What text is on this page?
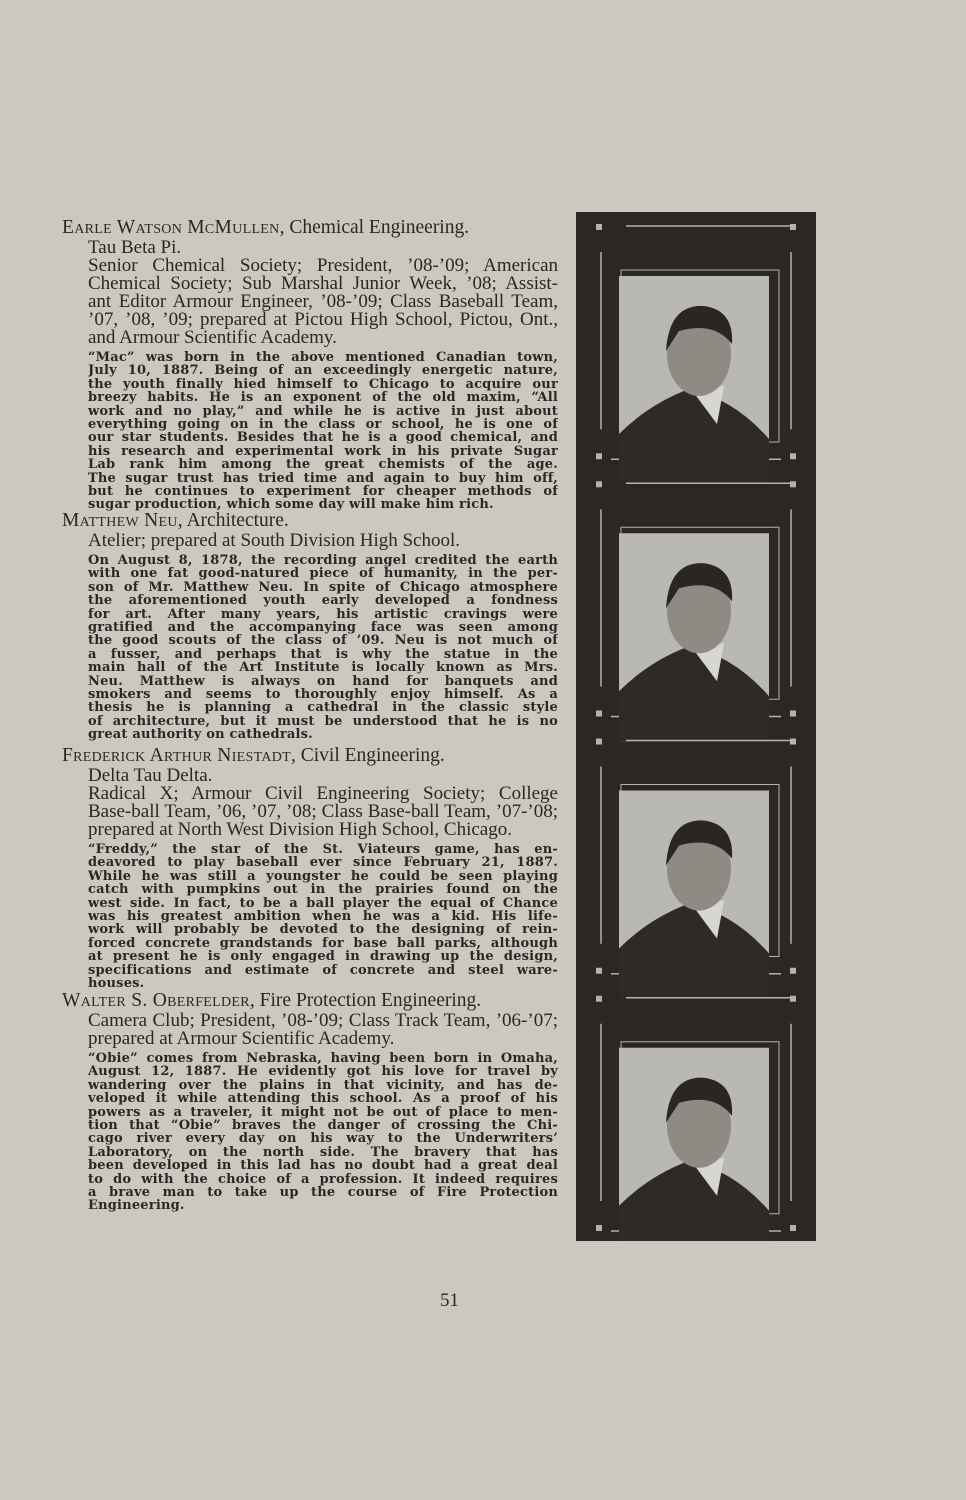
Earle Watson McMullen, Chemical Engineering.
Tau Beta Pi.
Senior Chemical Society; President, ’08-’09; American
Chemical Society; Sub Marshal Junior Week, ’08; Assist-
ant Editor Armour Engineer, ’08-’09; Class Baseball Team,
’07, ’08, ’09; prepared at Pictou High School, Pictou, Ont.,
and Armour Scientific Academy.
“Mac” was born in the above mentioned Canadian town,
July 10, 1887. Being of an exceedingly energetic nature,
the youth finally hied himself to Chicago to acquire our
breezy habits. He is an exponent of the old maxim, “All
work and no play,” and while he is active in just about
everything going on in the class or school, he is one of
our star students. Besides that he is a good chemical, and
his research and experimental work in his private Sugar
Lab rank him among the great chemists of the age.
The sugar trust has tried time and again to buy him off,
but he continues to experiment for cheaper methods of
sugar production, which some day will make him rich.
Matthew Neu, Architecture.
Atelier; prepared at South Division High School.
On August 8, 1878, the recording angel credited the earth
with one fat good-natured piece of humanity, in the per-
son of Mr. Matthew Neu. In spite of Chicago atmosphere
the aforementioned youth early developed a fondness
for art. After many years, his artistic cravings were
gratified and the accompanying face was seen among
the good scouts of the class of ’09. Neu is not much of
a fusser, and perhaps that is why the statue in the
main hall of the Art Institute is locally known as Mrs.
Neu. Matthew is always on hand for banquets and
smokers and seems to thoroughly enjoy himself. As a
thesis he is planning a cathedral in the classic style
of architecture, but it must be understood that he is no
great authority on cathedrals.
Frederick Arthur Niestadt, Civil Engineering.
Delta Tau Delta.
Radical X; Armour Civil Engineering Society; College
Base-ball Team, ’06, ’07, ’08; Class Base-ball Team, ’07-’08;
prepared at North West Division High School, Chicago.
“Freddy,” the star of the St. Viateurs game, has en-
deavored to play baseball ever since February 21, 1887.
While he was still a youngster he could be seen playing
catch with pumpkins out in the prairies found on the
west side. In fact, to be a ball player the equal of Chance
was his greatest ambition when he was a kid. His life-
work will probably be devoted to the designing of rein-
forced concrete grandstands for base ball parks, although
at present he is only engaged in drawing up the design,
specifications and estimate of concrete and steel ware-
houses.
Walter S. Oberfelder, Fire Protection Engineering.
Camera Club; President, ’08-’09; Class Track Team, ’06-’07;
prepared at Armour Scientific Academy.
“Obie” comes from Nebraska, having been born in Omaha,
August 12, 1887. He evidently got his love for travel by
wandering over the plains in that vicinity, and has de-
veloped it while attending this school. As a proof of his
powers as a traveler, it might not be out of place to men-
tion that “Obie” braves the danger of crossing the Chi-
cago river every day on his way to the Underwriters’
Laboratory, on the north side. The bravery that has
been developed in this lad has no doubt had a great deal
to do with the choice of a profession. It indeed requires
a brave man to take up the course of Fire Protection
Engineering.
51
